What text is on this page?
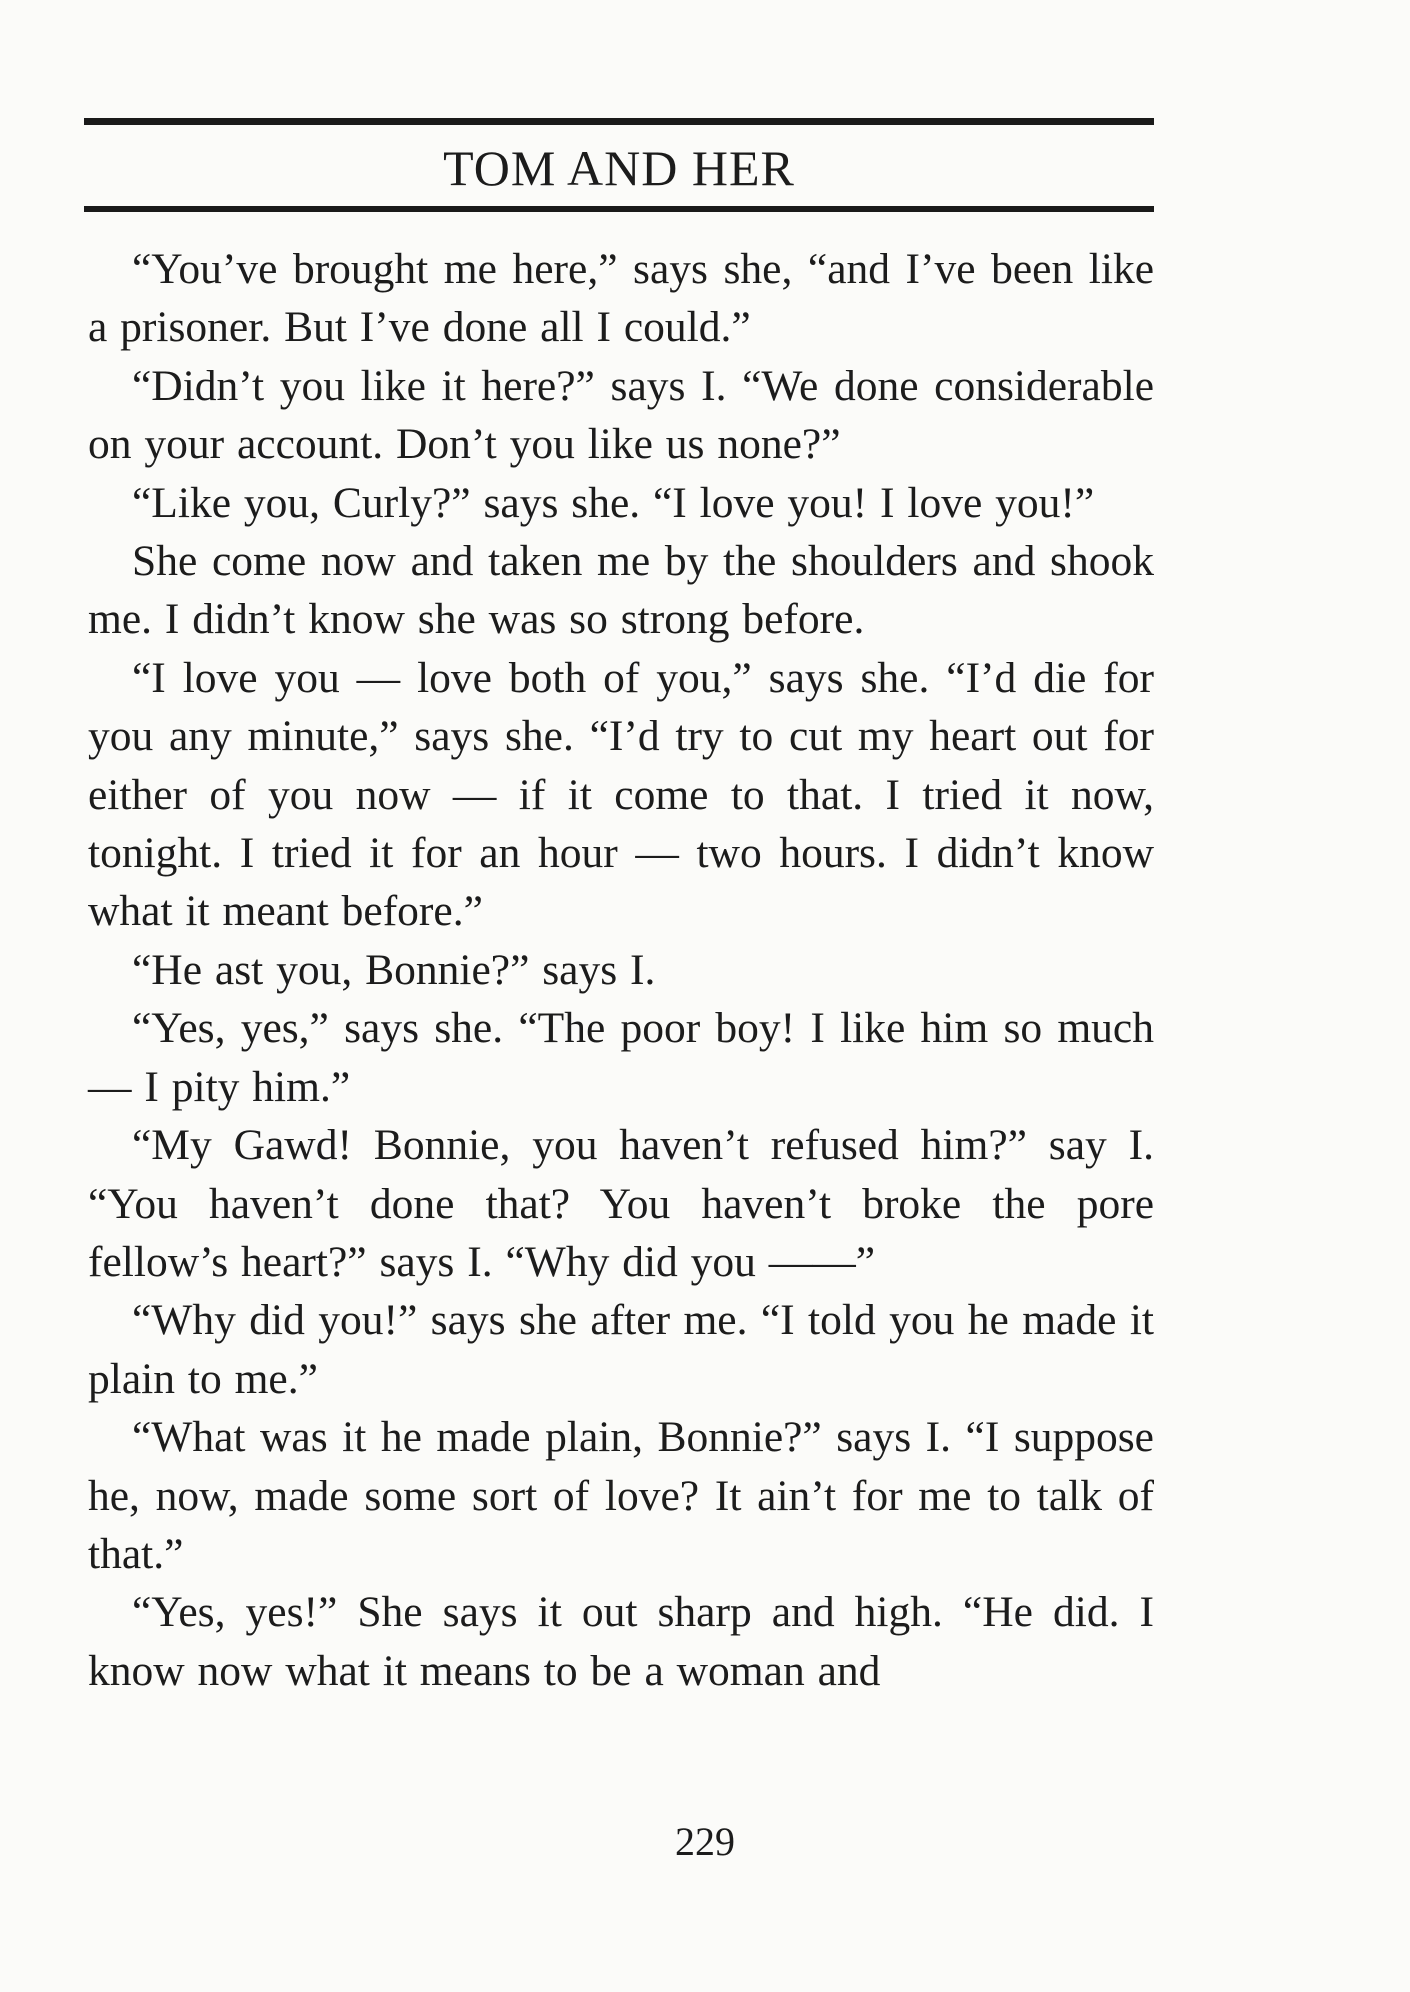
TOM AND HER

“You’ve brought me here,” says she, “and I’ve been like a prisoner. But I’ve done all I could.”

“Didn’t you like it here?” says I. “We done considerable on your account. Don’t you like us none?”

“Like you, Curly?” says she. “I love you! I love you!”

She come now and taken me by the shoulders and shook me. I didn’t know she was so strong before.

“I love you — love both of you,” says she. “I’d die for you any minute,” says she. “I’d try to cut my heart out for either of you now — if it come to that. I tried it now, tonight. I tried it for an hour — two hours. I didn’t know what it meant before.”

“He ast you, Bonnie?” says I.

“Yes, yes,” says she. “The poor boy! I like him so much — I pity him.”

“My Gawd! Bonnie, you haven’t refused him?” say I. “You haven’t done that? You haven’t broke the pore fellow’s heart?” says I. “Why did you ——”

“Why did you!” says she after me. “I told you he made it plain to me.”

“What was it he made plain, Bonnie?” says I. “I suppose he, now, made some sort of love? It ain’t for me to talk of that.”

“Yes, yes!” She says it out sharp and high. “He did. I know now what it means to be a woman and

229
